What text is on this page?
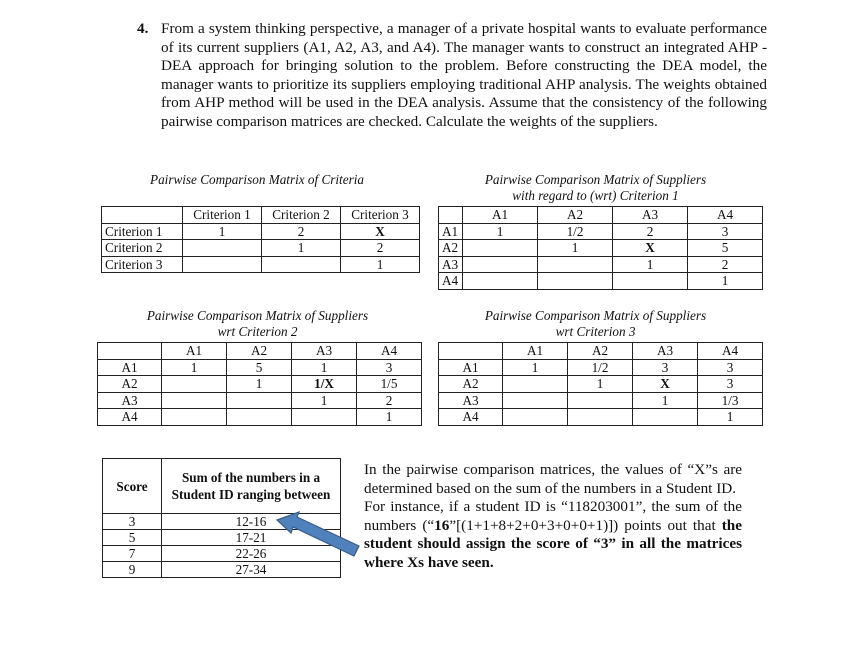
4. From a system thinking perspective, a manager of a private hospital wants to evaluate performance of its current suppliers (A1, A2, A3, and A4). The manager wants to construct an integrated AHP - DEA approach for bringing solution to the problem. Before constructing the DEA model, the manager wants to prioritize its suppliers employing traditional AHP analysis. The weights obtained from AHP method will be used in the DEA analysis. Assume that the consistency of the following pairwise comparison matrices are checked. Calculate the weights of the suppliers.
Pairwise Comparison Matrix of Criteria
	Criterion 1	Criterion 2	Criterion 3
Criterion 1	1	2	X
Criterion 2		1	2
Criterion 3			1
Pairwise Comparison Matrix of Suppliers
with regard to (wrt) Criterion 1
	A1	A2	A3	A4
A1	1	1/2	2	3
A2		1	X	5
A3			1	2
A4				1
Pairwise Comparison Matrix of Suppliers
wrt Criterion 2
	A1	A2	A3	A4
A1	1	5	1	3
A2		1	1/X	1/5
A3			1	2
A4				1
Pairwise Comparison Matrix of Suppliers
wrt Criterion 3
	A1	A2	A3	A4
A1	1	1/2	3	3
A2		1	X	3
A3			1	1/3
A4				1
Score	Sum of the numbers in a Student ID ranging between
3	12-16
5	17-21
7	22-26
9	27-34

In the pairwise comparison matrices, the values of “X”s are determined based on the sum of the numbers in a Student ID.

For instance, if a student ID is “118203001”, the sum of the numbers (“16”[(1+1+8+2+0+3+0+0+1)]) points out that the student should assign the score of “3” in all the matrices where Xs have seen.
